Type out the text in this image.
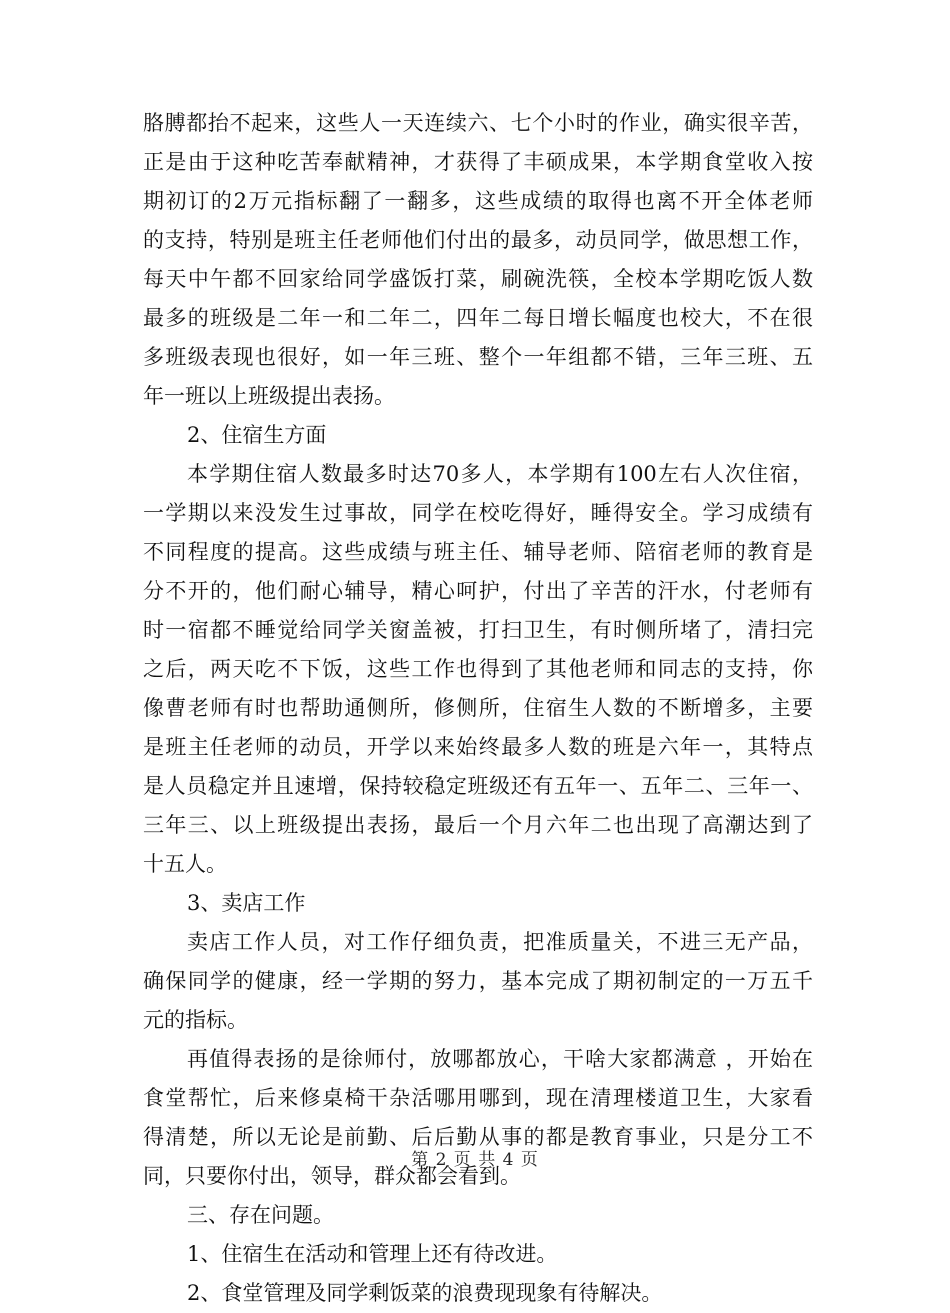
胳膊都抬不起来，这些人一天连续六、七个小时的作业，确实很辛苦，
正是由于这种吃苦奉献精神，才获得了丰硕成果，本学期食堂收入按
期初订的2万元指标翻了一翻多，这些成绩的取得也离不开全体老师
的支持，特别是班主任老师他们付出的最多，动员同学，做思想工作，
每天中午都不回家给同学盛饭打菜，刷碗洗筷，全校本学期吃饭人数
最多的班级是二年一和二年二，四年二每日增长幅度也校大，不在很
多班级表现也很好，如一年三班、整个一年组都不错，三年三班、五
年一班以上班级提出表扬。
2、住宿生方面
本学期住宿人数最多时达70多人，本学期有100左右人次住宿，
一学期以来没发生过事故，同学在校吃得好，睡得安全。学习成绩有
不同程度的提高。这些成绩与班主任、辅导老师、陪宿老师的教育是
分不开的，他们耐心辅导，精心呵护，付出了辛苦的汗水，付老师有
时一宿都不睡觉给同学关窗盖被，打扫卫生，有时侧所堵了，清扫完
之后，两天吃不下饭，这些工作也得到了其他老师和同志的支持，你
像曹老师有时也帮助通侧所，修侧所，住宿生人数的不断增多，主要
是班主任老师的动员，开学以来始终最多人数的班是六年一，其特点
是人员稳定并且速增，保持较稳定班级还有五年一、五年二、三年一、
三年三、以上班级提出表扬，最后一个月六年二也出现了高潮达到了
十五人。
3、卖店工作
卖店工作人员，对工作仔细负责，把准质量关，不进三无产品，
确保同学的健康，经一学期的努力，基本完成了期初制定的一万五千
元的指标。
再值得表扬的是徐师付，放哪都放心，干啥大家都满意 ，开始在
食堂帮忙，后来修桌椅干杂活哪用哪到，现在清理楼道卫生，大家看
得清楚，所以无论是前勤、后后勤从事的都是教育事业，只是分工不
同，只要你付出，领导，群众都会看到。
三、存在问题。
1、住宿生在活动和管理上还有待改进。
2、食堂管理及同学剩饭菜的浪费现现象有待解决。
第 2 页 共 4 页
